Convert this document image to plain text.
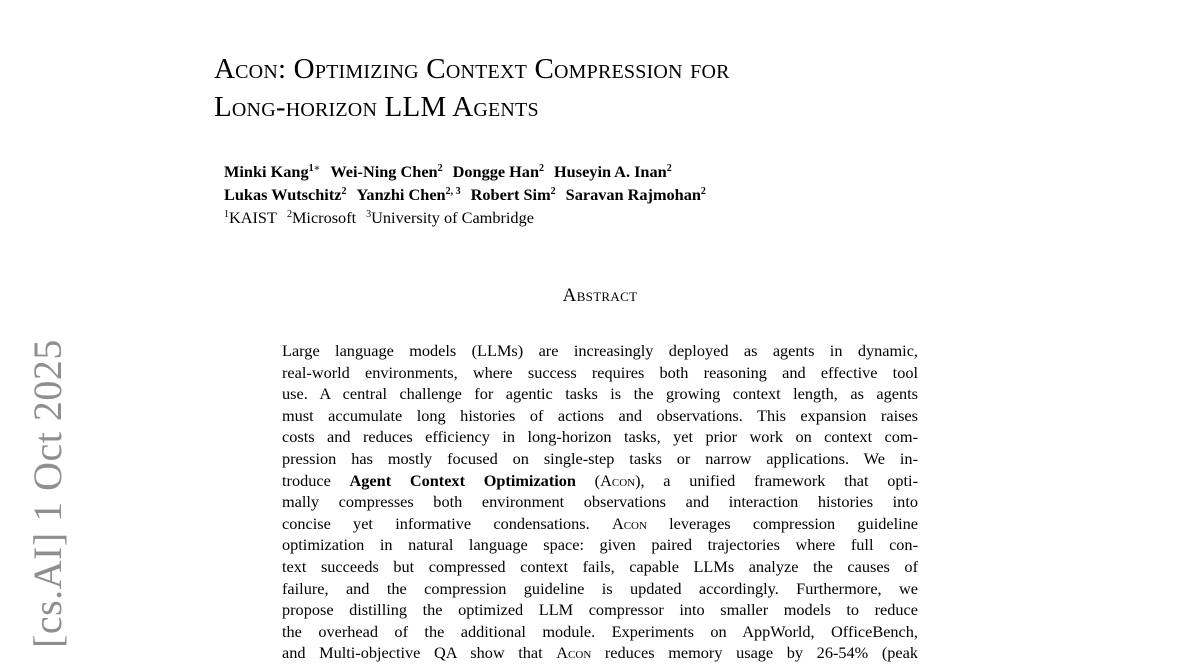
Acon: Optimizing Context Compression for
Long-horizon LLM Agents
Minki Kang$^{1∗}$ Wei-Ning Chen$^2$ Dongge Han$^2$ Huseyin A. Inan$^2$
Lukas Wutschitz$^2$ Yanzhi Chen$^{2, 3}$ Robert Sim$^2$ Saravan Rajmohan$^2$
$^1$KAIST $^2$Microsoft $^3$University of Cambridge
Abstract
Large language models (LLMs) are increasingly deployed as agents in dynamic,
real-world environments, where success requires both reasoning and effective tool
use. A central challenge for agentic tasks is the growing context length, as agents
must accumulate long histories of actions and observations. This expansion raises
costs and reduces efficiency in long-horizon tasks, yet prior work on context com-
pression has mostly focused on single-step tasks or narrow applications. We in-
troduce Agent Context Optimization (Acon), a unified framework that opti-
mally compresses both environment observations and interaction histories into
concise yet informative condensations. Acon leverages compression guideline
optimization in natural language space: given paired trajectories where full con-
text succeeds but compressed context fails, capable LLMs analyze the causes of
failure, and the compression guideline is updated accordingly. Furthermore, we
propose distilling the optimized LLM compressor into smaller models to reduce
the overhead of the additional module. Experiments on AppWorld, OfficeBench,
and Multi-objective QA show that Acon reduces memory usage by 26-54% (peak
[cs.AI] 1 Oct 2025
